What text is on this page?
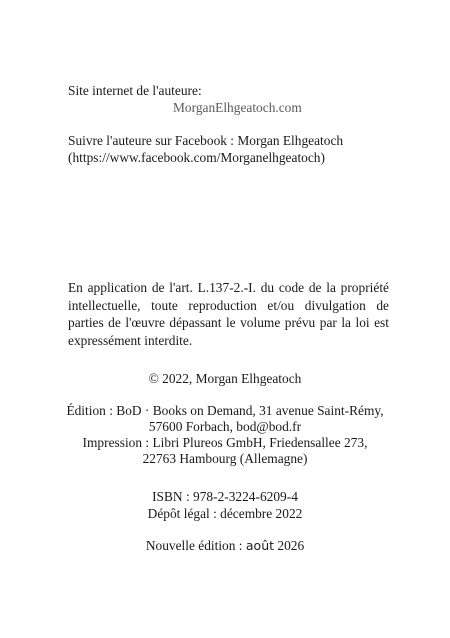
Site internet de l'auteure:
MorganElhgeatoch.com
Suivre l'auteure sur Facebook : Morgan Elhgeatoch
(https://www.facebook.com/Morganelhgeatoch)
En application de l'art. L.137-2.-I. du code de la propriété intellectuelle, toute reproduction et/ou divulgation de parties de l'œuvre dépassant le volume prévu par la loi est expressément interdite.
© 2022, Morgan Elhgeatoch
Édition : BoD · Books on Demand, 31 avenue Saint-Rémy,
57600 Forbach, bod@bod.fr
Impression : Libri Plureos GmbH, Friedensallee 273,
22763 Hambourg (Allemagne)
ISBN : 978-2-3224-6209-4
Dépôt légal : décembre 2022
Nouvelle édition : août 2026
